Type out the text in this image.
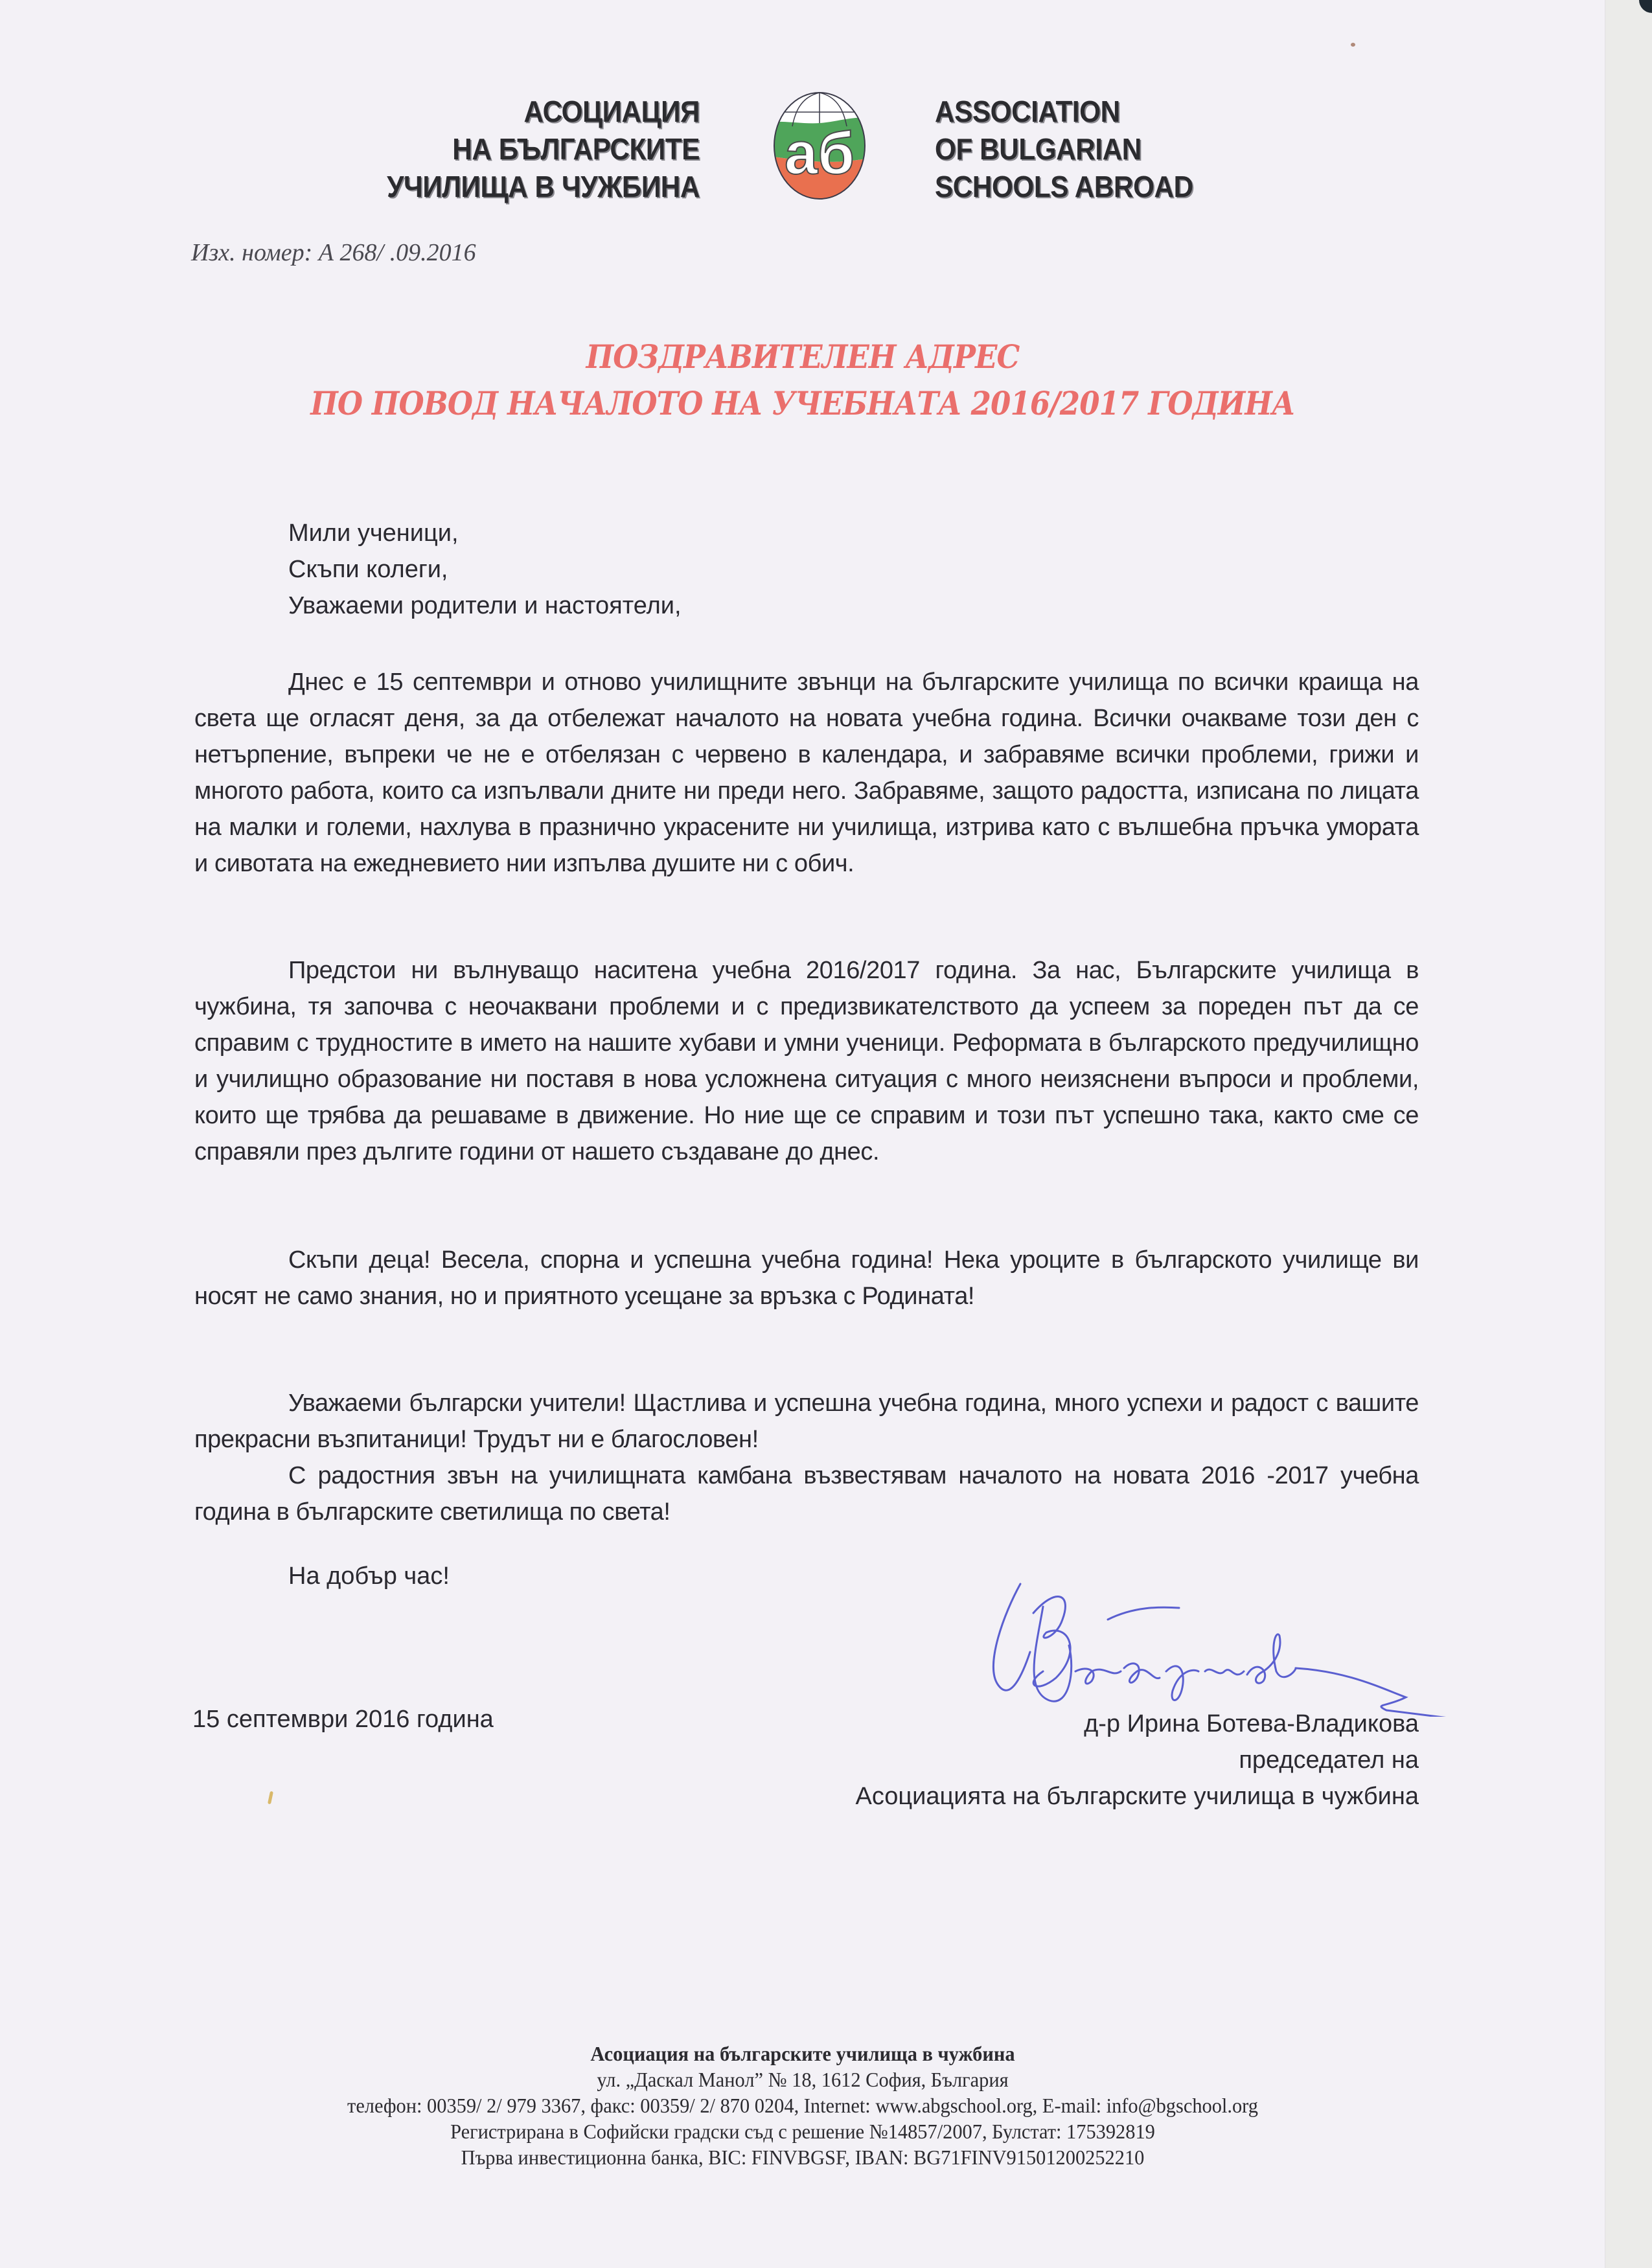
АСОЦИАЦИЯ
НА БЪЛГАРСКИТЕ
УЧИЛИЩА В ЧУЖБИНА аб
ASSOCIATION
OF BULGARIAN
SCHOOLS ABROAD
Изх. номер: А 268/ .09.2016
ПОЗДРАВИТЕЛЕН АДРЕС
ПО ПОВОД НАЧАЛОТО НА УЧЕБНАТА 2016/2017 ГОДИНА
Мили ученици,
Скъпи колеги,
Уважаеми родители и настоятели,

Днес е 15 септември и отново училищните звънци на българските училища по всички краища на света ще огласят деня, за да отбележат началото на новата учебна година. Всички очакваме този ден с нетърпение, въпреки че не е отбелязан с червено в календара, и забравяме всички проблеми, грижи и многото работа, които са изпълвали дните ни преди него. Забравяме, защото радостта, изписана по лицата на малки и големи, нахлува в празнично украсените ни училища, изтрива като с вълшебна пръчка умората и сивотата на ежедневието нии изпълва душите ни с обич.

Предстои ни вълнуващо наситена учебна 2016/2017 година. За нас, Българските училища в чужбина, тя започва с неочаквани проблеми и с предизвикателството да успеем за пореден път да се справим с трудностите в името на нашите хубави и умни ученици. Реформата в българското предучилищно и училищно образование ни поставя в нова усложнена ситуация с много неизяснени въпроси и проблеми, които ще трябва да решаваме в движение. Но ние ще се справим и този път успешно така, както сме се справяли през дългите години от нашето създаване до днес.

Скъпи деца! Весела, спорна и успешна учебна година! Нека уроците в българското училище ви носят не само знания, но и приятното усещане за връзка с Родината!

Уважаеми български учители! Щастлива и успешна учебна година, много успехи и радост с вашите прекрасни възпитаници! Трудът ни е благословен!

С радостния звън на училищната камбана възвестявам началото на новата 2016 -2017 учебна година в българските светилища по света!

На добър час!
15 септември 2016 година	д-р Ирина Ботева-Владикова
председател на
Асоциацията на българските училища в чужбина
Асоциация на българските училища в чужбина
ул. „Даскал Манол” № 18, 1612 София, България
телефон: 00359/ 2/ 979 3367, факс: 00359/ 2/ 870 0204, Internet: www.abgschool.org, E-mail: info@bgschool.org
Регистрирана в Софийски градски съд с решение №14857/2007, Булстат: 175392819
Първа инвестиционна банка, BIC: FINVBGSF, IBAN: BG71FINV91501200252210
